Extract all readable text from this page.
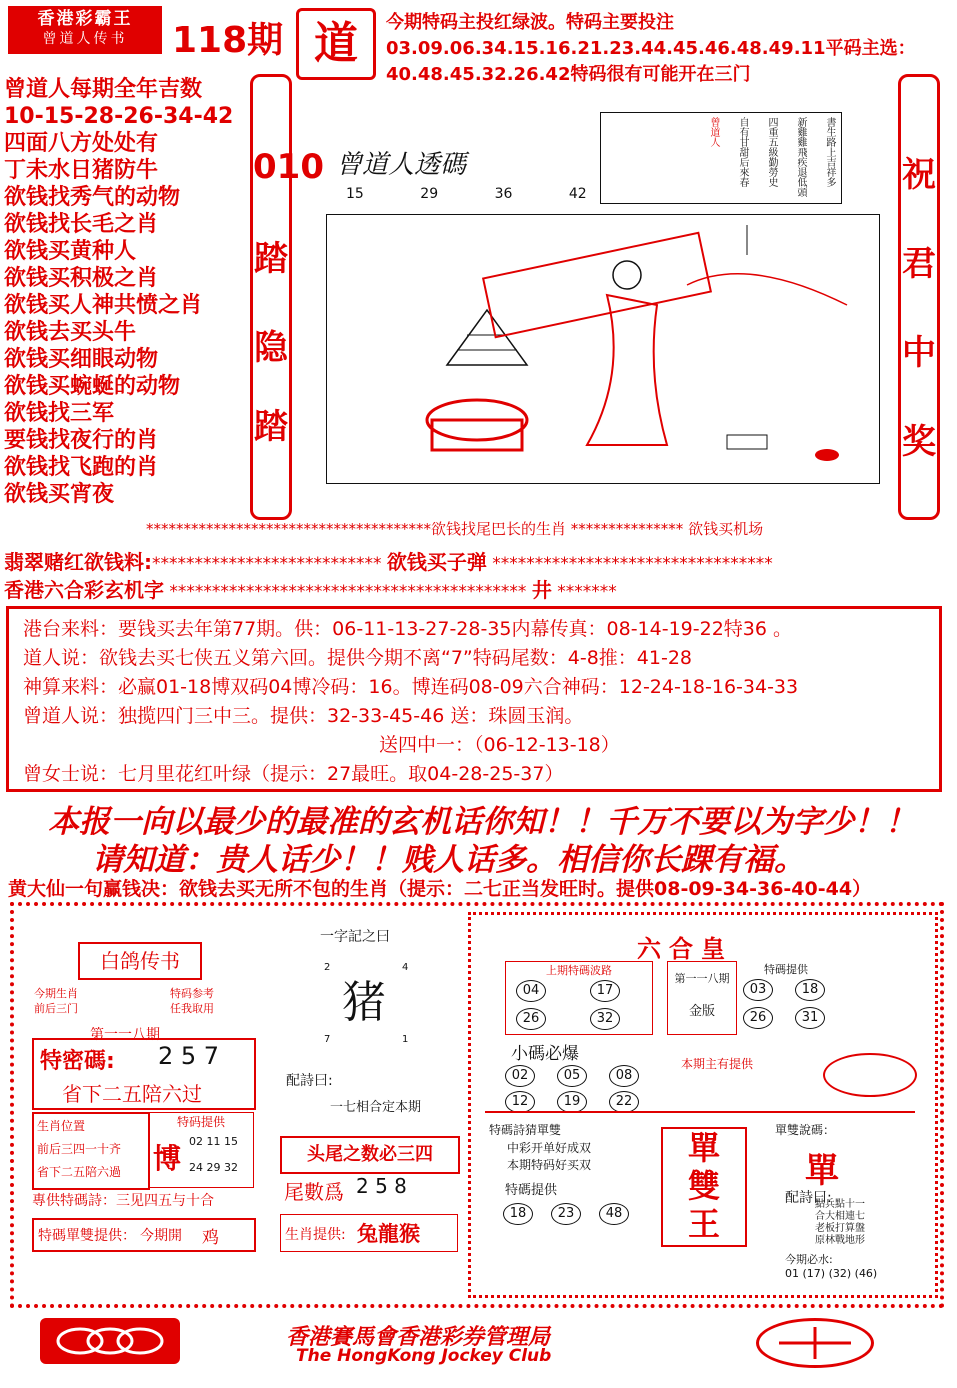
香港彩霸王
曾道人传书	118期 道	今期特码主投红绿波。特码主要投注03.09.06.34.15.16.21.23.44.45.46.48.49.11平码主选：40.48.45.32.26.42特码很有可能开在三门
曾道人每期全年吉数
10-15-28-26-34-42
四面八方处处有
丁未水日猪防牛
欲钱找秀气的动物
欲钱找长毛之肖
欲钱买黄种人
欲钱买积极之肖
欲钱买人神共愤之肖
欲钱去买头牛
欲钱买细眼动物
欲钱买蜿蜒的动物
欲钱找三军
要钱找夜行的肖
欲钱找飞跑的肖
欲钱买宵夜
010
踏
隐
踏
祝
君
中
奖
曾道人透碼
15	29	36	42
書生路上吉祥多
新雞雞飛疾退低頭
四重五級勤勞史
自有甘甜后來春
曾道人
**************************************欲钱找尾巴长的生肖 *************** 欲钱买机场
翡翠赌红欲钱料:*************************** 欲钱买子弹 *********************************
香港六合彩玄机字 ****************************************** 井 *******
港台来料：要钱买去年第77期。供：06-11-13-27-28-35内幕传真：08-14-19-22特36 。
道人说：欲钱去买七侠五义第六回。提供今期不离“7”特码尾数：4-8推：41-28
神算来料：必赢01-18博双码04博冷码：16。博连码08-09六合神码：12-24-18-16-34-33
曾道人说：独揽四门三中三。提供：32-33-45-46 送：珠圆玉润。
送四中一：（06-12-13-18）
曾女士说：七月里花红叶绿（提示：27最旺。取04-28-25-37）
本报一向以最少的最准的玄机话你知！！千万不要以为字少！！
请知道：贵人话少！！贱人话多。相信你长踝有福。
黄大仙一句赢钱决：欲钱去买无所不包的生肖（提示：二七正当发旺时。提供08-09-34-36-40-44）
白鸽传书
今期生肖
前后三门
特码参考
任我取用
第一一八期
特密碼: 2 5 7
省下二五陪六过
生肖位置
前后三四一十齐
省下二五陪六過
特码提供
博
02 11 15
24 29 32
專供特碼詩：三见四五与十合
特碼單雙提供： 今期開 鸡
一字記之曰
2	4
猪
7	1
配詩曰:
一七相合定本期
头尾之数必三四
尾數爲 2 5 8
生肖提供: 兔龍猴
六合皇
上期特碼波路
04	17
26	32
第一一八期
金版
特碼提供
03	18
26	31
小碼必爆
02	05	08
12	19	22
本期主有提供
特碼詩猜單雙
中彩开单好成双
本期特码好买双
特碼提供
18	23	48
單
雙
王
單雙說碼：
單
配詩曰:
點兵點十一
合大相連七
老板打算盤
原林戰地形
今期必水:
01 (17) (32) (46)
香港賽馬會香港彩券管理局
The HongKong Jockey Club
